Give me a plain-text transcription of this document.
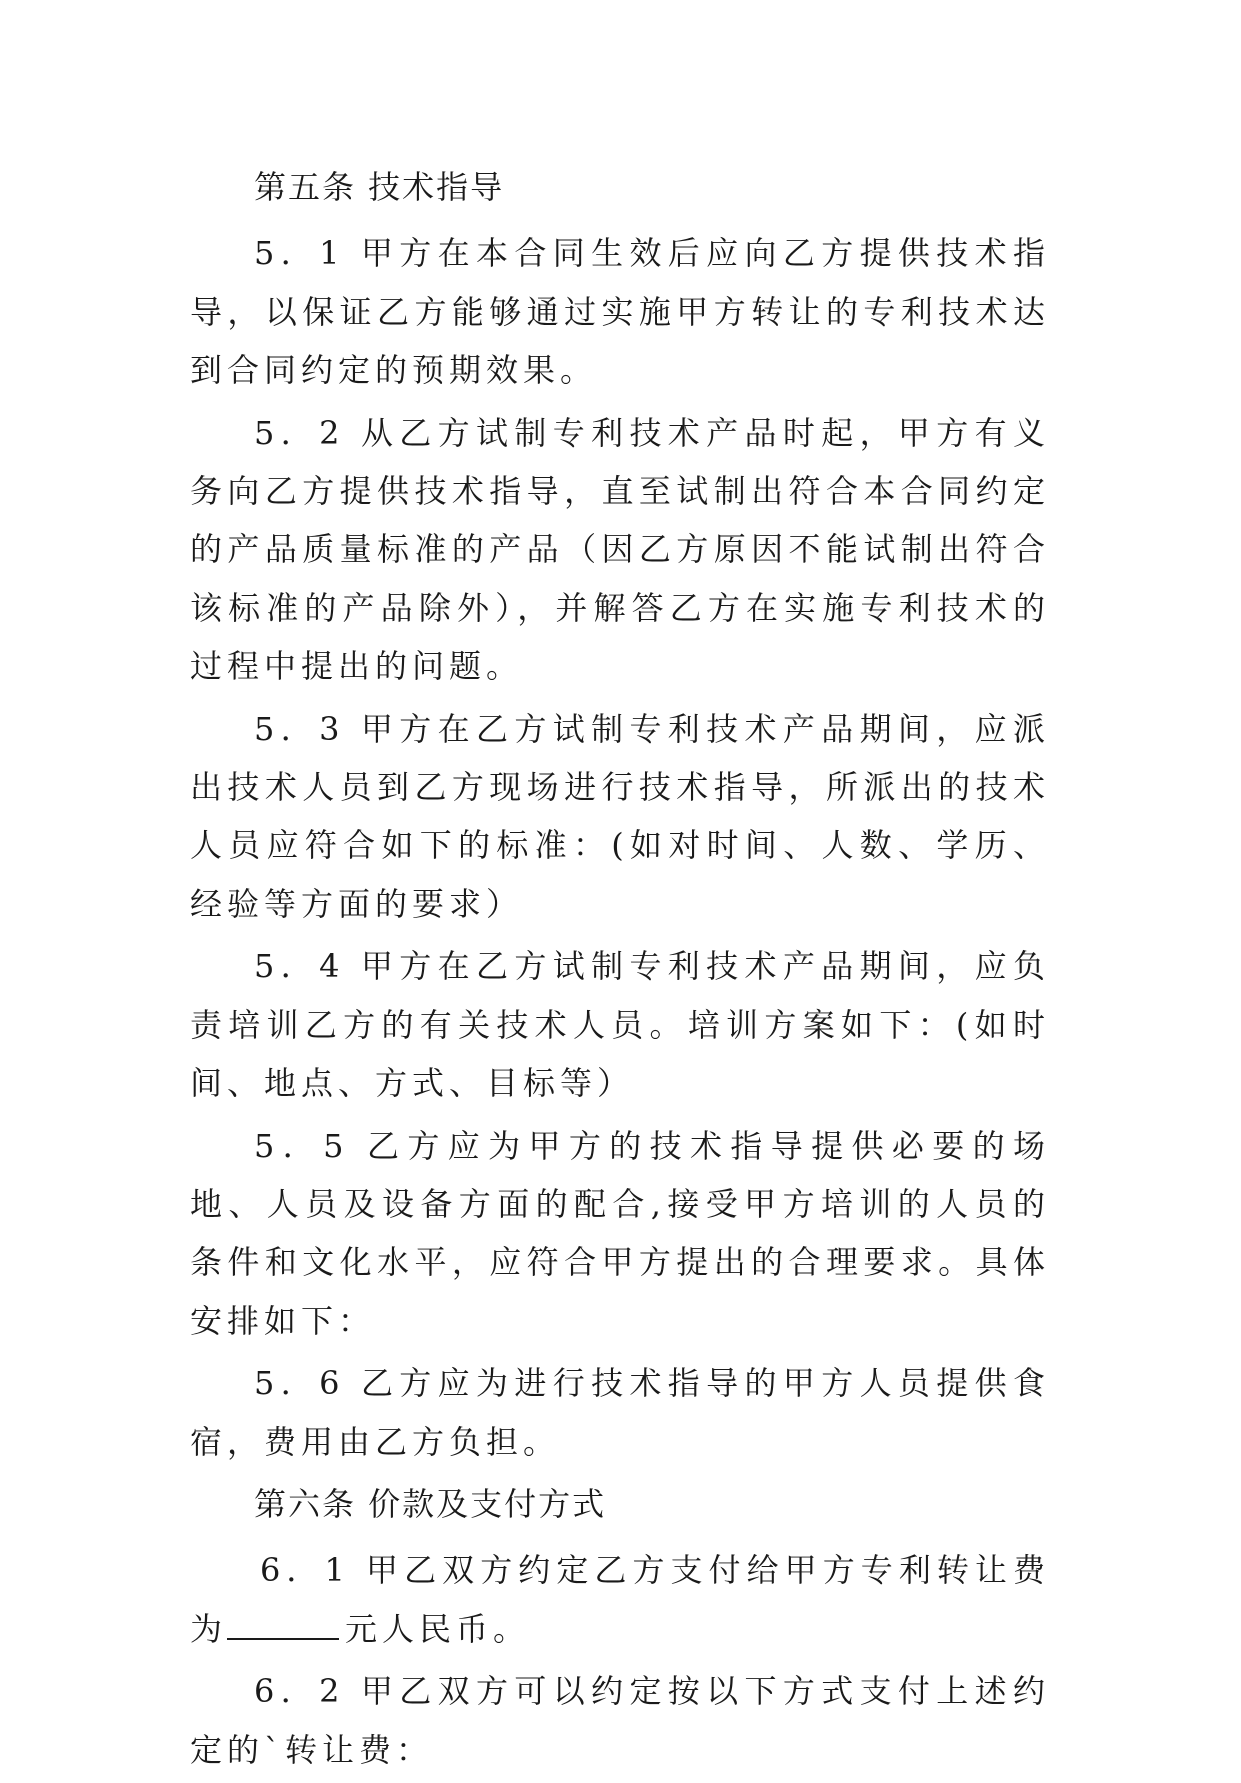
第五条 技术指导

5．1 甲方在本合同生效后应向乙方提供技术指导，以保证乙方能够通过实施甲方转让的专利技术达到合同约定的预期效果。

5．2 从乙方试制专利技术产品时起，甲方有义务向乙方提供技术指导，直至试制出符合本合同约定的产品质量标准的产品（因乙方原因不能试制出符合该标准的产品除外），并解答乙方在实施专利技术的过程中提出的问题。

5．3 甲方在乙方试制专利技术产品期间，应派出技术人员到乙方现场进行技术指导，所派出的技术人员应符合如下的标准：(如对时间、人数、学历、经验等方面的要求）

5．4 甲方在乙方试制专利技术产品期间，应负责培训乙方的有关技术人员。培训方案如下：(如时间、地点、方式、目标等）

5．5 乙方应为甲方的技术指导提供必要的场地、人员及设备方面的配合,接受甲方培训的人员的条件和文化水平，应符合甲方提出的合理要求。具体安排如下：

5．6 乙方应为进行技术指导的甲方人员提供食宿，费用由乙方负担。

第六条 价款及支付方式

6．1 甲乙双方约定乙方支付给甲方专利转让费为	元人民币。

6．2 甲乙双方可以约定按以下方式支付上述约定的`转让费：
